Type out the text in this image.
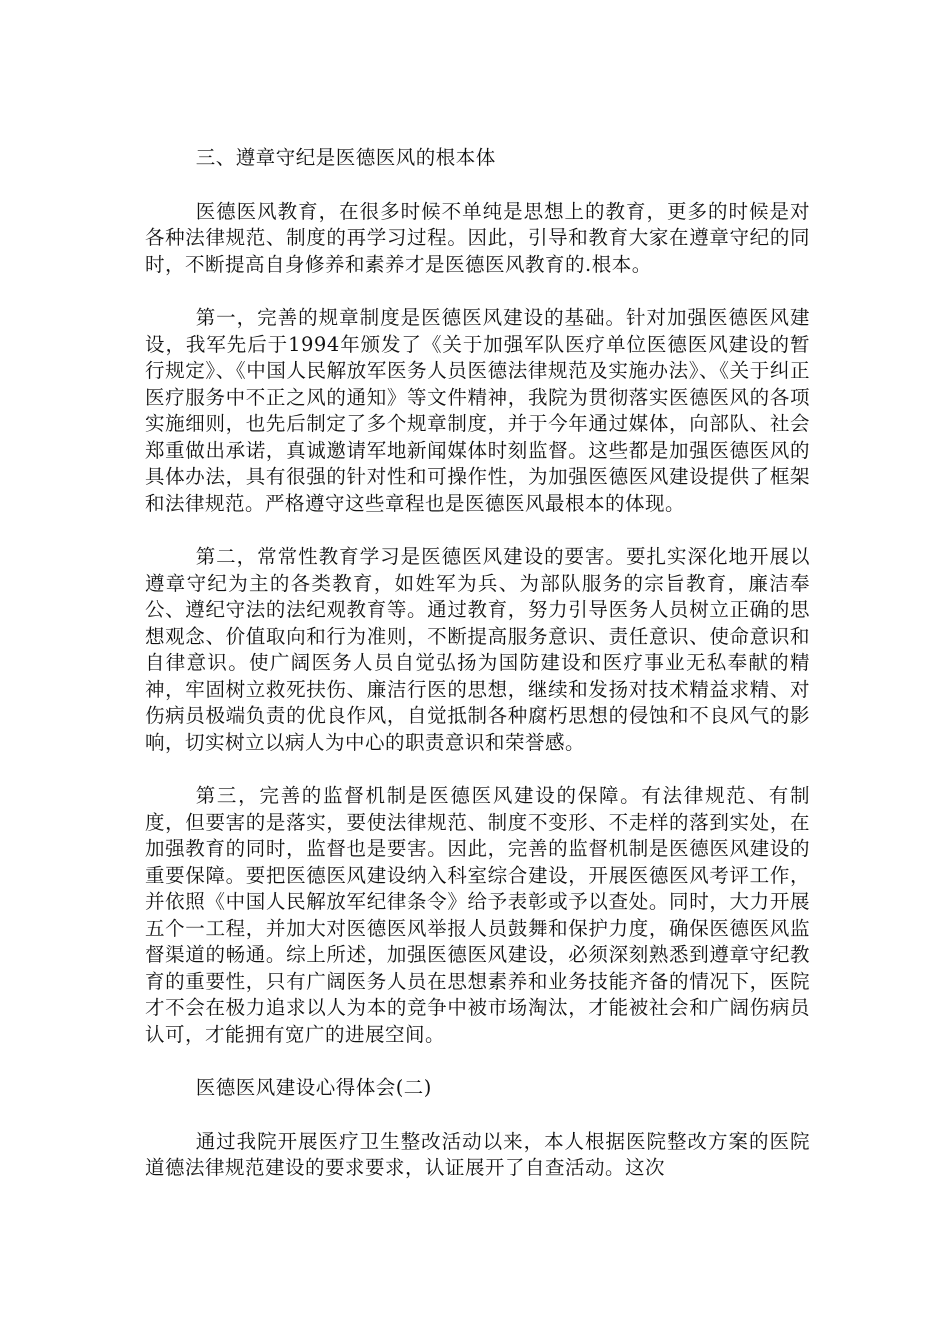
三、遵章守纪是医德医风的根本体

医德医风教育，在很多时候不单纯是思想上的教育，更多的时候是对各种法律规范、制度的再学习过程。因此，引导和教育大家在遵章守纪的同时，不断提高自身修养和素养才是医德医风教育的.根本。

第一，完善的规章制度是医德医风建设的基础。针对加强医德医风建设，我军先后于1994年颁发了《关于加强军队医疗单位医德医风建设的暂行规定》、《中国人民解放军医务人员医德法律规范及实施办法》、《关于纠正医疗服务中不正之风的通知》等文件精神，我院为贯彻落实医德医风的各项实施细则，也先后制定了多个规章制度，并于今年通过媒体，向部队、社会郑重做出承诺，真诚邀请军地新闻媒体时刻监督。这些都是加强医德医风的具体办法，具有很强的针对性和可操作性，为加强医德医风建设提供了框架和法律规范。严格遵守这些章程也是医德医风最根本的体现。

第二，常常性教育学习是医德医风建设的要害。要扎实深化地开展以遵章守纪为主的各类教育，如姓军为兵、为部队服务的宗旨教育，廉洁奉公、遵纪守法的法纪观教育等。通过教育，努力引导医务人员树立正确的思想观念、价值取向和行为准则，不断提高服务意识、责任意识、使命意识和自律意识。使广阔医务人员自觉弘扬为国防建设和医疗事业无私奉献的精神，牢固树立救死扶伤、廉洁行医的思想，继续和发扬对技术精益求精、对伤病员极端负责的优良作风，自觉抵制各种腐朽思想的侵蚀和不良风气的影响，切实树立以病人为中心的职责意识和荣誉感。

第三，完善的监督机制是医德医风建设的保障。有法律规范、有制度，但要害的是落实，要使法律规范、制度不变形、不走样的落到实处，在加强教育的同时，监督也是要害。因此，完善的监督机制是医德医风建设的重要保障。要把医德医风建设纳入科室综合建设，开展医德医风考评工作，并依照《中国人民解放军纪律条令》给予表彰或予以查处。同时，大力开展五个一工程，并加大对医德医风举报人员鼓舞和保护力度，确保医德医风监督渠道的畅通。综上所述，加强医德医风建设，必须深刻熟悉到遵章守纪教育的重要性，只有广阔医务人员在思想素养和业务技能齐备的情况下，医院才不会在极力追求以人为本的竞争中被市场淘汰，才能被社会和广阔伤病员认可，才能拥有宽广的进展空间。

医德医风建设心得体会(二)

通过我院开展医疗卫生整改活动以来，本人根据医院整改方案的医院道德法律规范建设的要求要求，认证展开了自查活动。这次
